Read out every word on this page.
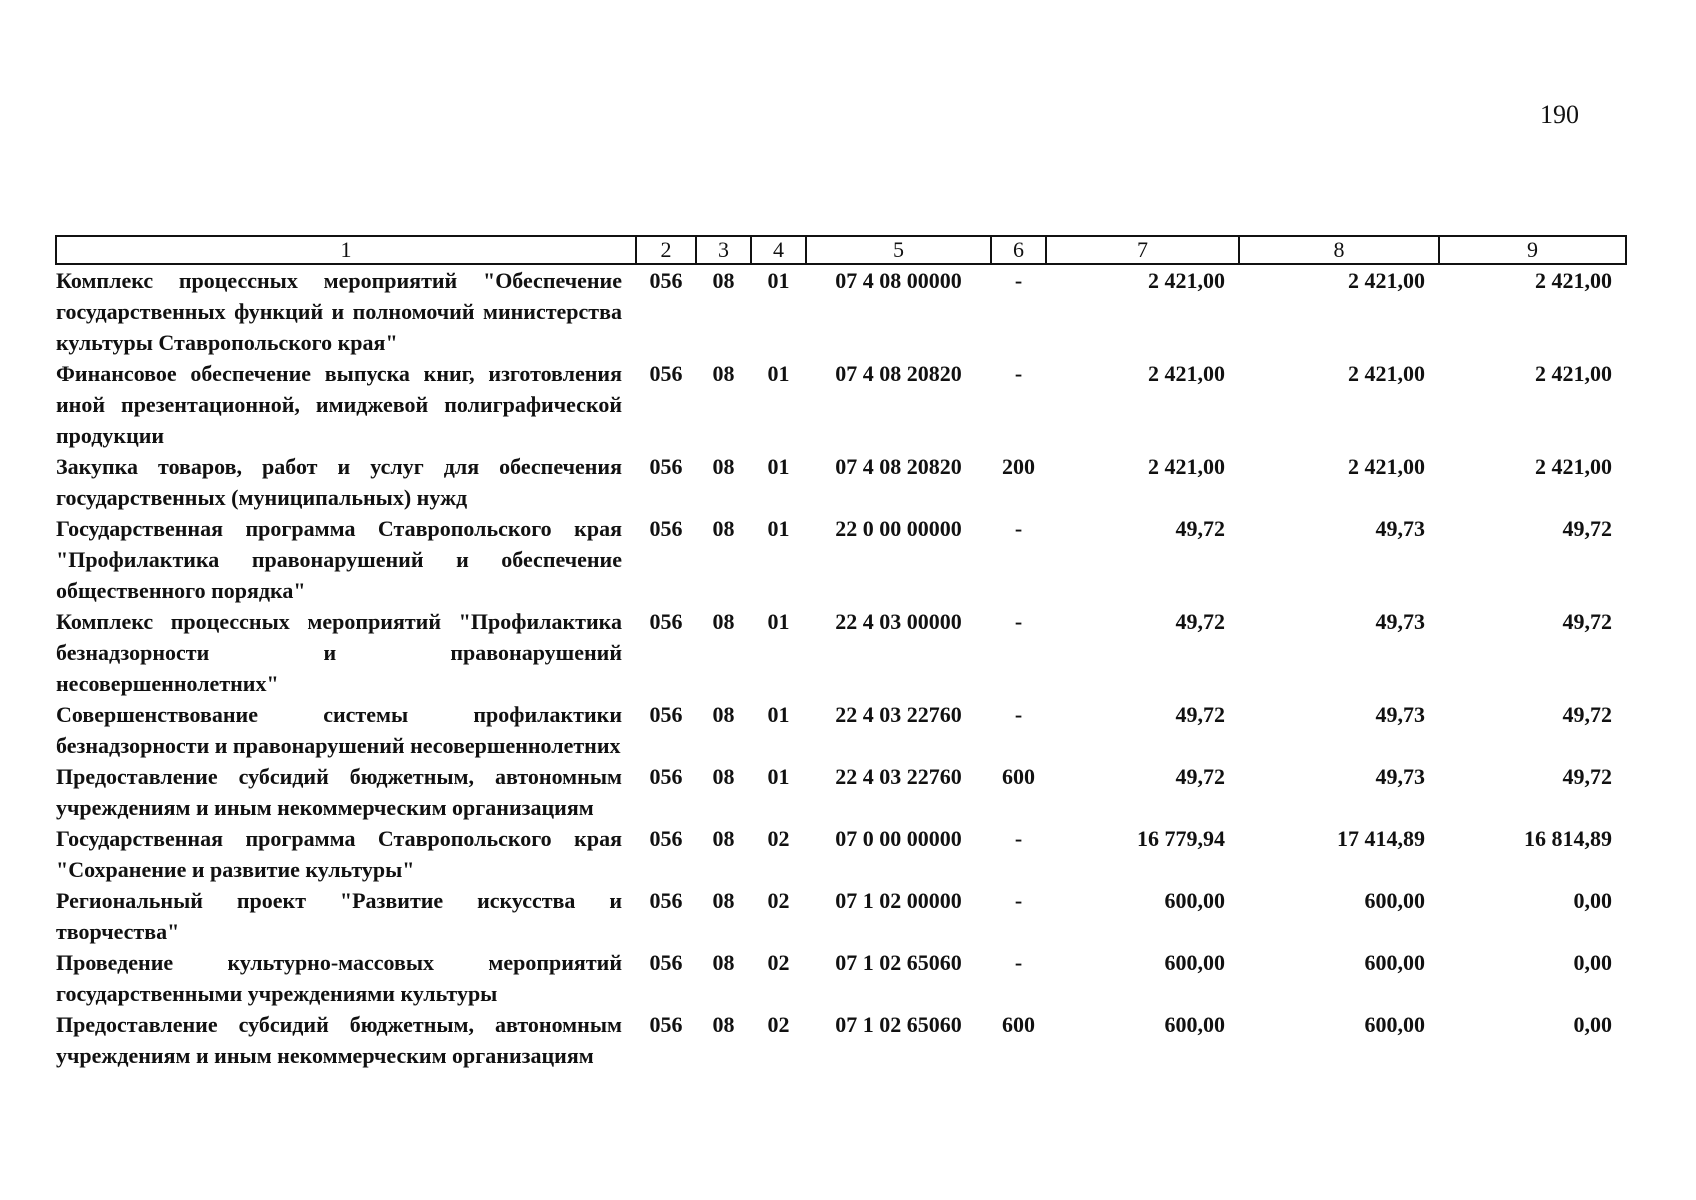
190
1	2	3	4	5	6	7	8	9
Комплекс процессных мероприятий "Обеспечение государственных функций и полномочий министерства культуры Ставропольского края"	056	08	01	07 4 08 00000	-	2 421,00	2 421,00	2 421,00
Финансовое обеспечение выпуска книг, изготовления иной презентационной, имиджевой полиграфической продукции	056	08	01	07 4 08 20820	-	2 421,00	2 421,00	2 421,00
Закупка товаров, работ и услуг для обеспечения государственных (муниципальных) нужд	056	08	01	07 4 08 20820	200	2 421,00	2 421,00	2 421,00
Государственная программа Ставропольского края "Профилактика правонарушений и обеспечение общественного порядка"	056	08	01	22 0 00 00000	-	49,72	49,73	49,72
Комплекс процессных мероприятий "Профилактика безнадзорности и правонарушений несовершеннолетних"	056	08	01	22 4 03 00000	-	49,72	49,73	49,72
Совершенствование системы профилактики безнадзорности и правонарушений несовершеннолетних	056	08	01	22 4 03 22760	-	49,72	49,73	49,72
Предоставление субсидий бюджетным, автономным учреждениям и иным некоммерческим организациям	056	08	01	22 4 03 22760	600	49,72	49,73	49,72
Государственная программа Ставропольского края "Сохранение и развитие культуры"	056	08	02	07 0 00 00000	-	16 779,94	17 414,89	16 814,89
Региональный проект "Развитие искусства и творчества"	056	08	02	07 1 02 00000	-	600,00	600,00	0,00
Проведение культурно-массовых мероприятий государственными учреждениями культуры	056	08	02	07 1 02 65060	-	600,00	600,00	0,00
Предоставление субсидий бюджетным, автономным учреждениям и иным некоммерческим организациям	056	08	02	07 1 02 65060	600	600,00	600,00	0,00
